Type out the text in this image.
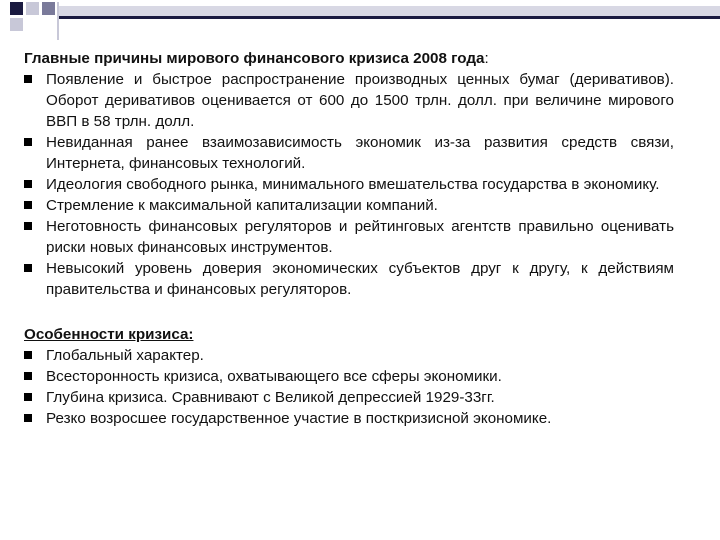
Главные причины мирового финансового кризиса 2008 года:

Появление и быстрое распространение производных ценных бумаг (деривативов). Оборот деривативов оценивается от 600 до 1500 трлн. долл. при величине мирового ВВП в 58 трлн. долл.
Невиданная ранее взаимозависимость экономик из-за развития средств связи, Интернета, финансовых технологий.
Идеология свободного рынка, минимального вмешательства государства в экономику.
Стремление к максимальной капитализации компаний.
Неготовность финансовых регуляторов и рейтинговых агентств правильно оценивать риски новых финансовых инструментов.
Невысокий уровень доверия экономических субъектов друг к другу, к действиям правительства и финансовых регуляторов.

Особенности кризиса:

Глобальный характер.
Всесторонность кризиса, охватывающего все сферы экономики.
Глубина кризиса. Сравнивают с Великой депрессией 1929-33гг.
Резко возросшее государственное участие в посткризисной экономике.
